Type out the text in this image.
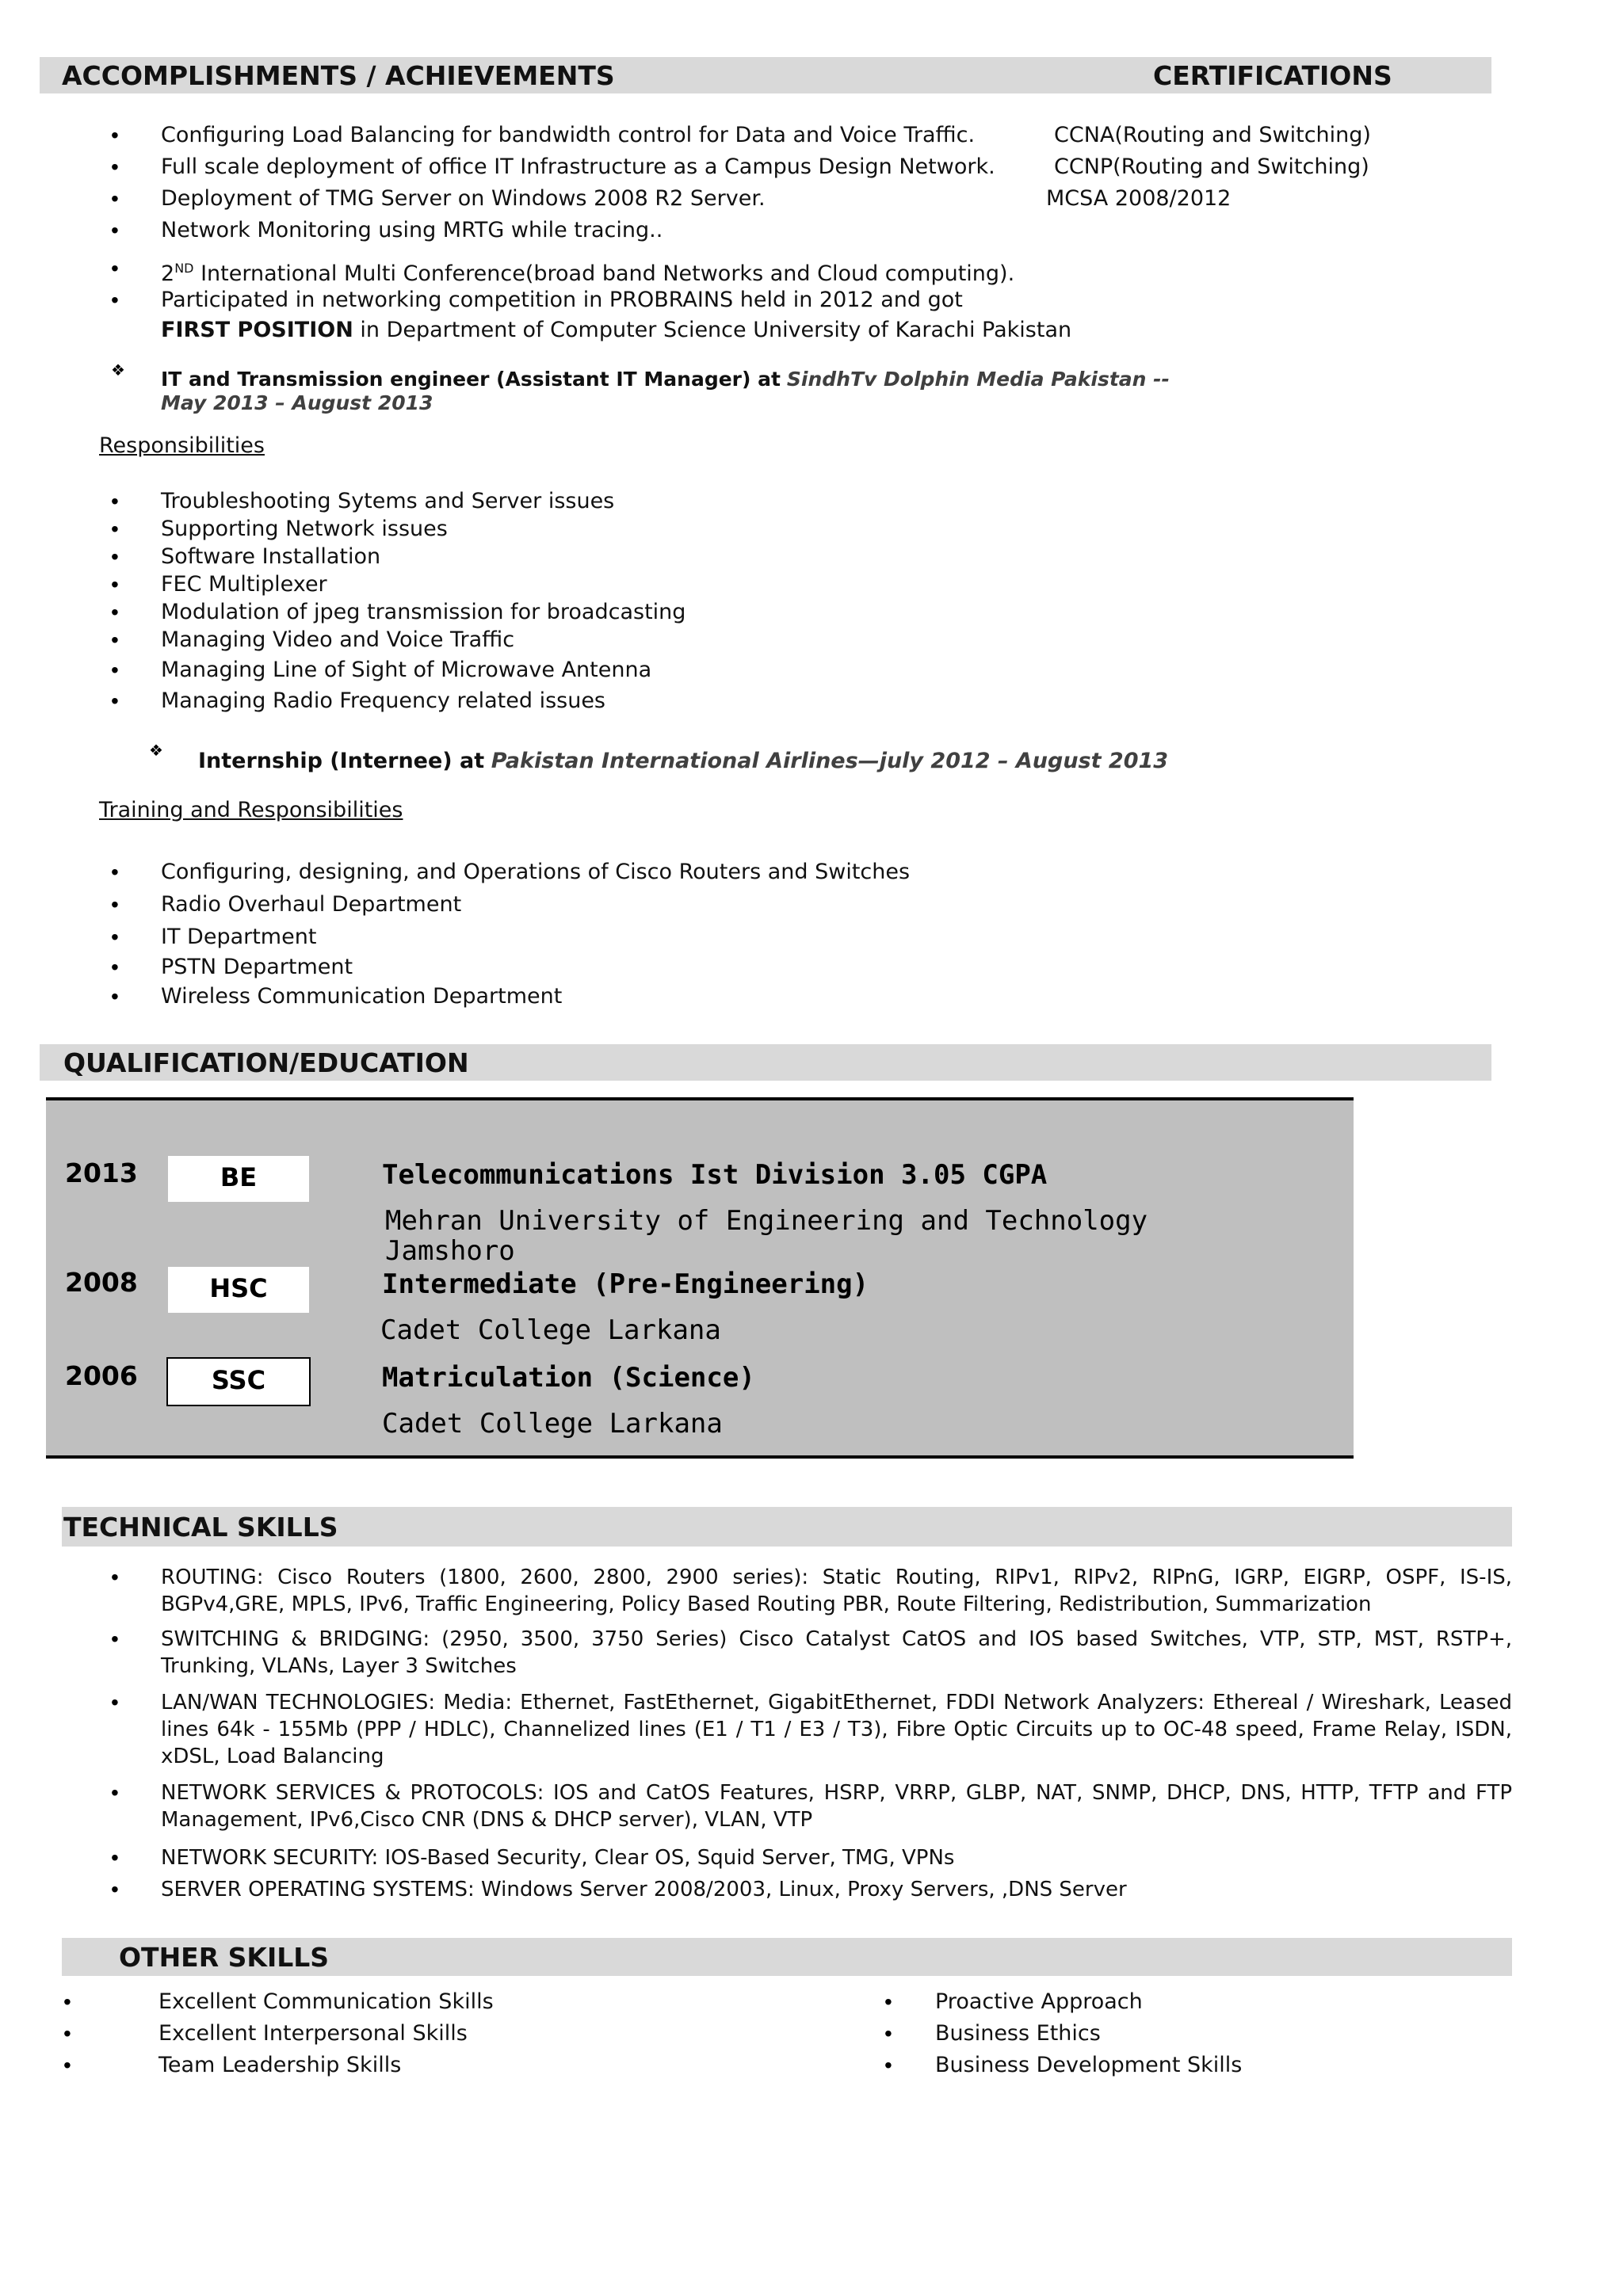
ACCOMPLISHMENTS / ACHIEVEMENTS	CERTIFICATIONS
•
Configuring Load Balancing for bandwidth control for Data and Voice Traffic.
•
Full scale deployment of office IT Infrastructure as a Campus Design Network.
•
Deployment of TMG Server on Windows 2008 R2 Server.
•
Network Monitoring using MRTG while tracing..
•
2ND International Multi Conference(broad band Networks and Cloud computing).
•
Participated in networking competition in PROBRAINS held in 2012 and got
FIRST POSITION in Department of Computer Science University of Karachi Pakistan
CCNA(Routing and Switching)
CCNP(Routing and Switching)
MCSA 2008/2012
❖ IT and Transmission engineer (Assistant IT Manager) at SindhTv Dolphin Media Pakistan --
May 2013 – August 2013
Responsibilities
•
Troubleshooting Sytems and Server issues
•
Supporting Network issues
•
Software Installation
•
FEC Multiplexer
•
Modulation of jpeg transmission for broadcasting
•
Managing Video and Voice Traffic
•
Managing Line of Sight of Microwave Antenna
•
Managing Radio Frequency related issues
❖ Internship (Internee) at Pakistan International Airlines—july 2012 – August 2013
Training and Responsibilities
•
Configuring, designing, and Operations of Cisco Routers and Switches
•
Radio Overhaul Department
•
IT Department
•
PSTN Department
•
Wireless Communication Department
QUALIFICATION/EDUCATION
2013	BE	Telecommunications Ist Division 3.05 CGPA
Mehran University of Engineering and Technology
Jamshoro
2008	HSC	Intermediate (Pre-Engineering)
Cadet College Larkana
2006	SSC	Matriculation (Science)
Cadet College Larkana
TECHNICAL SKILLS
•
ROUTING: Cisco Routers (1800, 2600, 2800, 2900 series): Static Routing, RIPv1, RIPv2, RIPnG, IGRP, EIGRP, OSPF, IS-IS, BGPv4,GRE, MPLS, IPv6, Traffic Engineering, Policy Based Routing PBR, Route Filtering, Redistribution, Summarization
•
SWITCHING & BRIDGING: (2950, 3500, 3750 Series) Cisco Catalyst CatOS and IOS based Switches, VTP, STP, MST, RSTP+, Trunking, VLANs, Layer 3 Switches
•
LAN/WAN TECHNOLOGIES: Media: Ethernet, FastEthernet, GigabitEthernet, FDDI Network Analyzers: Ethereal / Wireshark, Leased lines 64k - 155Mb (PPP / HDLC), Channelized lines (E1 / T1 / E3 / T3), Fibre Optic Circuits up to OC-48 speed, Frame Relay, ISDN, xDSL, Load Balancing
•
NETWORK SERVICES & PROTOCOLS: IOS and CatOS Features, HSRP, VRRP, GLBP, NAT, SNMP, DHCP, DNS, HTTP, TFTP and FTP Management, IPv6,Cisco CNR (DNS & DHCP server), VLAN, VTP
•
NETWORK SECURITY: IOS-Based Security, Clear OS, Squid Server, TMG, VPNs
•
SERVER OPERATING SYSTEMS: Windows Server 2008/2003, Linux, Proxy Servers, ,DNS Server
OTHER SKILLS
•
Excellent Communication Skills
•
Excellent Interpersonal Skills
•
Team Leadership Skills
•
Proactive Approach
•
Business Ethics
•
Business Development Skills
